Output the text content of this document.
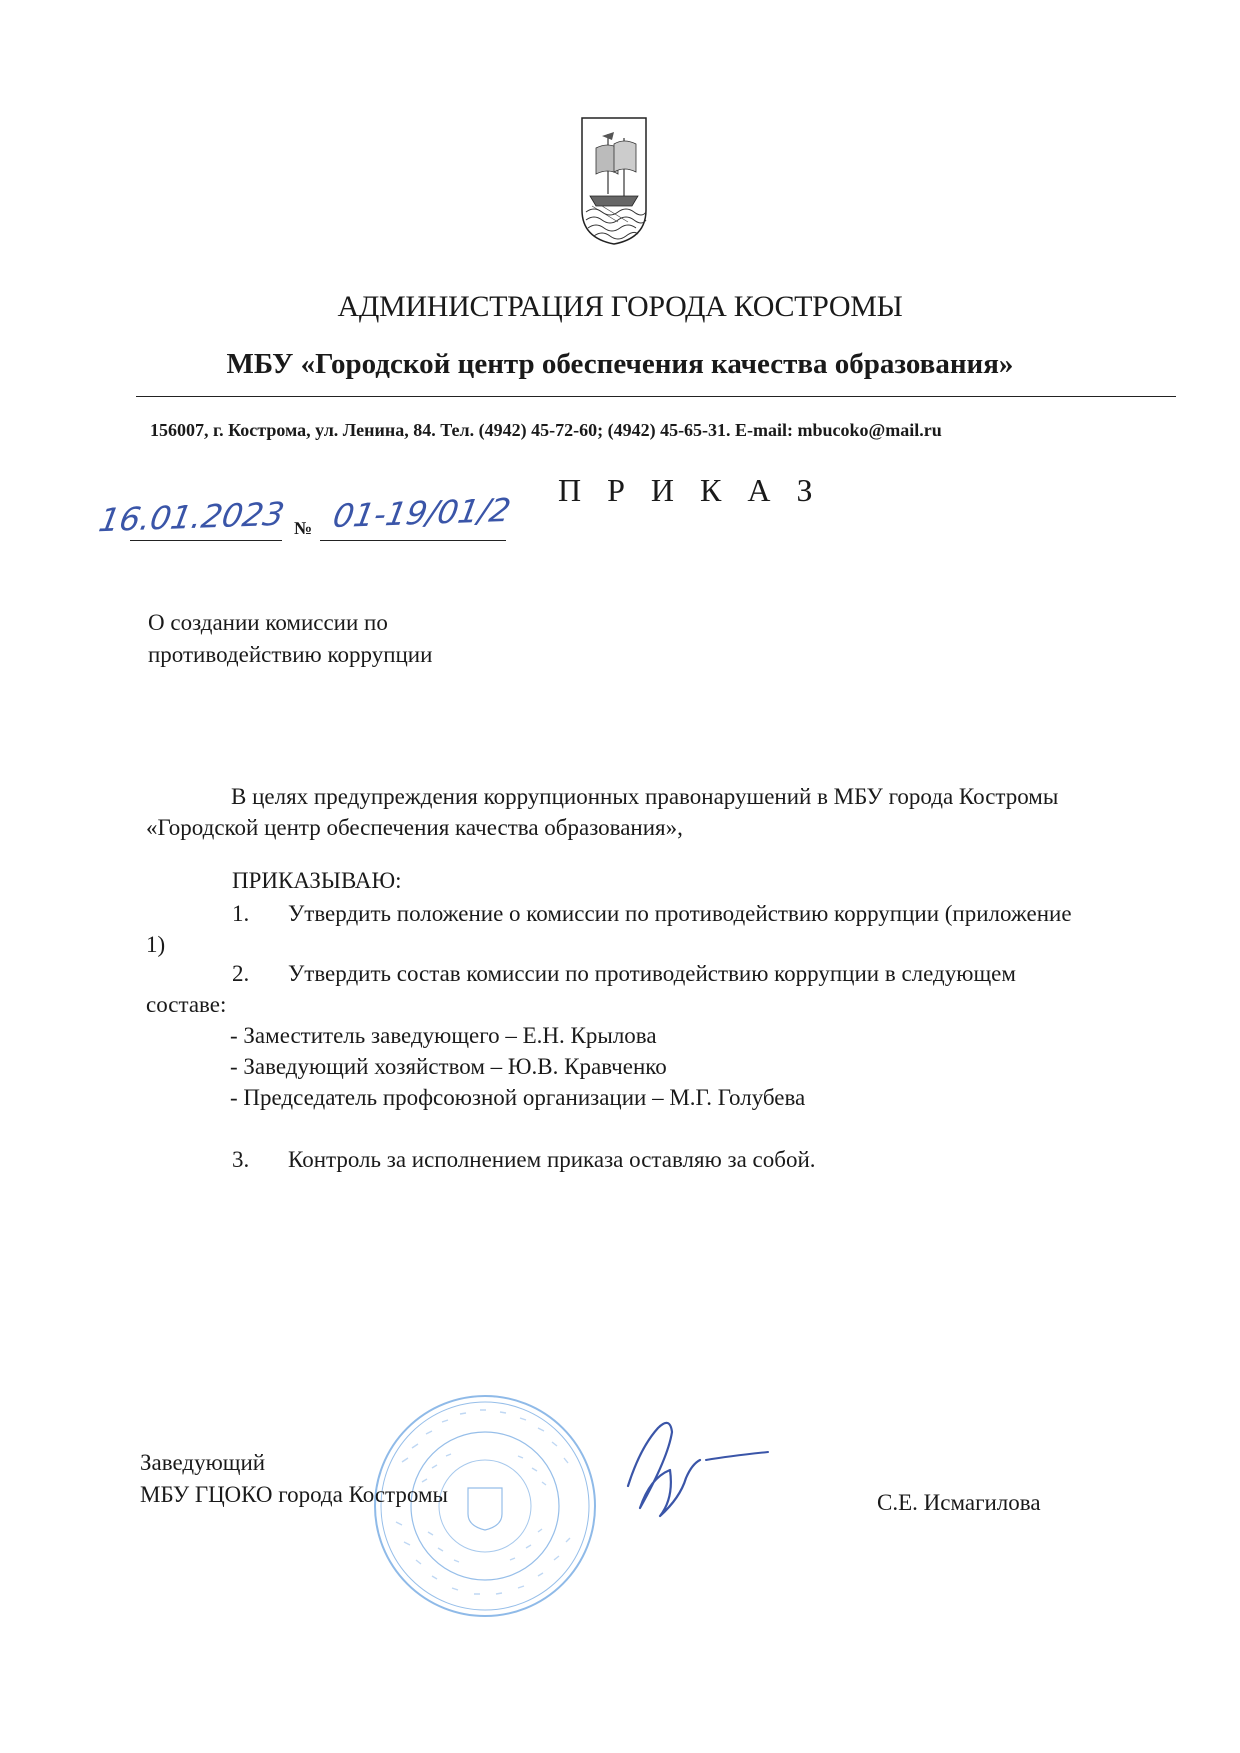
АДМИНИСТРАЦИЯ ГОРОДА КОСТРОМЫ
МБУ «Городской центр обеспечения качества образования»
156007, г. Кострома, ул. Ленина, 84. Тел. (4942) 45-72-60; (4942) 45-65-31. E-mail: mbucoko@mail.ru
П Р И К А З
16.01.2023 № 01-19/01/2
О создании комиссии по
противодействию коррупции
В целях предупреждения коррупционных правонарушений в МБУ города Костромы «Городской центр обеспечения качества образования»,
ПРИКАЗЫВАЮ:
1. Утвердить положение о комиссии по противодействию коррупции (приложение 1)
2. Утвердить состав комиссии по противодействию коррупции в следующем составе:
- Заместитель заведующего – Е.Н. Крылова
- Заведующий хозяйством – Ю.В. Кравченко
- Председатель профсоюзной организации – М.Г. Голубева
3. Контроль за исполнением приказа оставляю за собой.
Заведующий
МБУ ГЦОКО города Костромы	С.Е. Исмагилова
